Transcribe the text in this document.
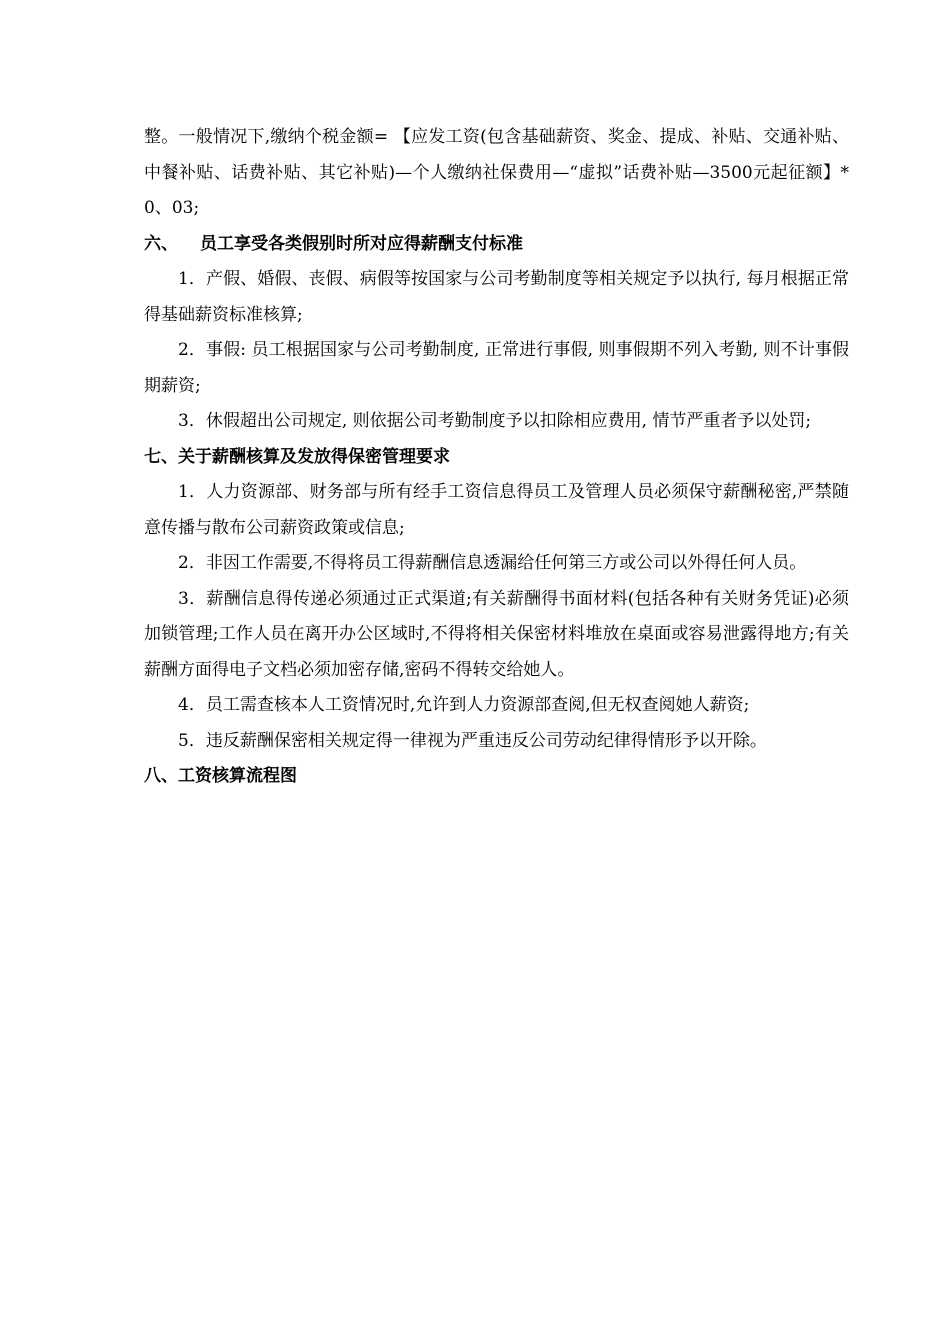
整。一般情况下,缴纳个税金额= 【应发工资(包含基础薪资、奖金、提成、补贴、交通补贴、中餐补贴、话费补贴、其它补贴)—个人缴纳社保费用—“虚拟”话费补贴—3500元起征额】*0、03;

六、 员工享受各类假别时所对应得薪酬支付标准

1．产假、婚假、丧假、病假等按国家与公司考勤制度等相关规定予以执行, 每月根据正常得基础薪资标准核算;

2．事假: 员工根据国家与公司考勤制度, 正常进行事假, 则事假期不列入考勤, 则不计事假期薪资;

3．休假超出公司规定, 则依据公司考勤制度予以扣除相应费用, 情节严重者予以处罚;

七、关于薪酬核算及发放得保密管理要求

1．人力资源部、财务部与所有经手工资信息得员工及管理人员必须保守薪酬秘密,严禁随意传播与散布公司薪资政策或信息;

2．非因工作需要,不得将员工得薪酬信息透漏给任何第三方或公司以外得任何人员。

3．薪酬信息得传递必须通过正式渠道;有关薪酬得书面材料(包括各种有关财务凭证)必须加锁管理;工作人员在离开办公区域时,不得将相关保密材料堆放在桌面或容易泄露得地方;有关薪酬方面得电子文档必须加密存储,密码不得转交给她人。

4．员工需查核本人工资情况时,允许到人力资源部查阅,但无权查阅她人薪资;

5．违反薪酬保密相关规定得一律视为严重违反公司劳动纪律得情形予以开除。

八、工资核算流程图
